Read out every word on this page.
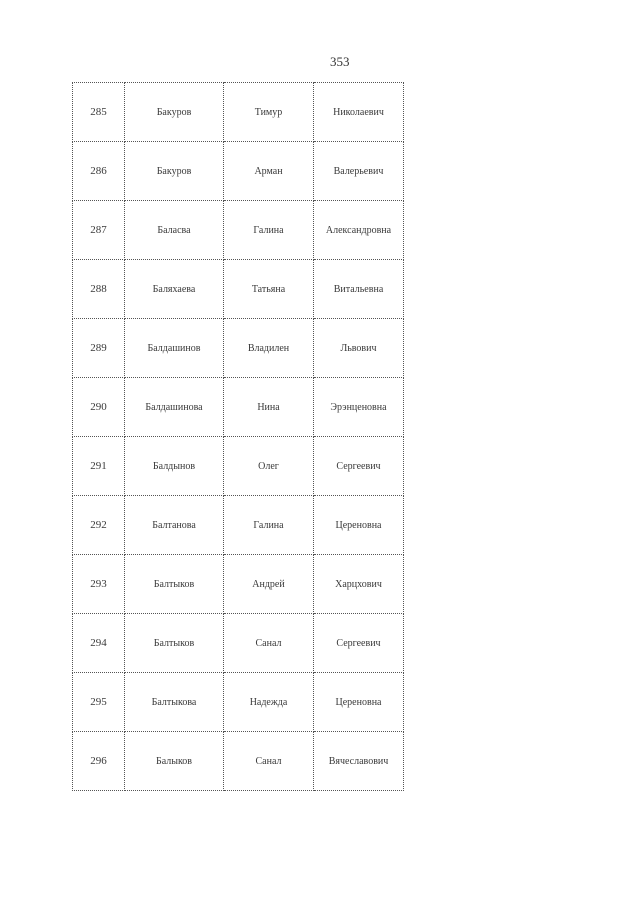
353
285	Бакуров	Тимур	Николаевич
286	Бакуров	Арман	Валерьевич
287	Баласва	Галина	Александровна
288	Баляхаева	Татьяна	Витальевна
289	Балдашинов	Владилен	Львович
290	Балдашинова	Нина	Эрэнценовна
291	Балдынов	Олег	Сергеевич
292	Балтанова	Галина	Цереновна
293	Балтыков	Андрей	Харцхович
294	Балтыков	Санал	Сергеевич
295	Балтыкова	Надежда	Цереновна
296	Балыков	Санал	Вячеславович
